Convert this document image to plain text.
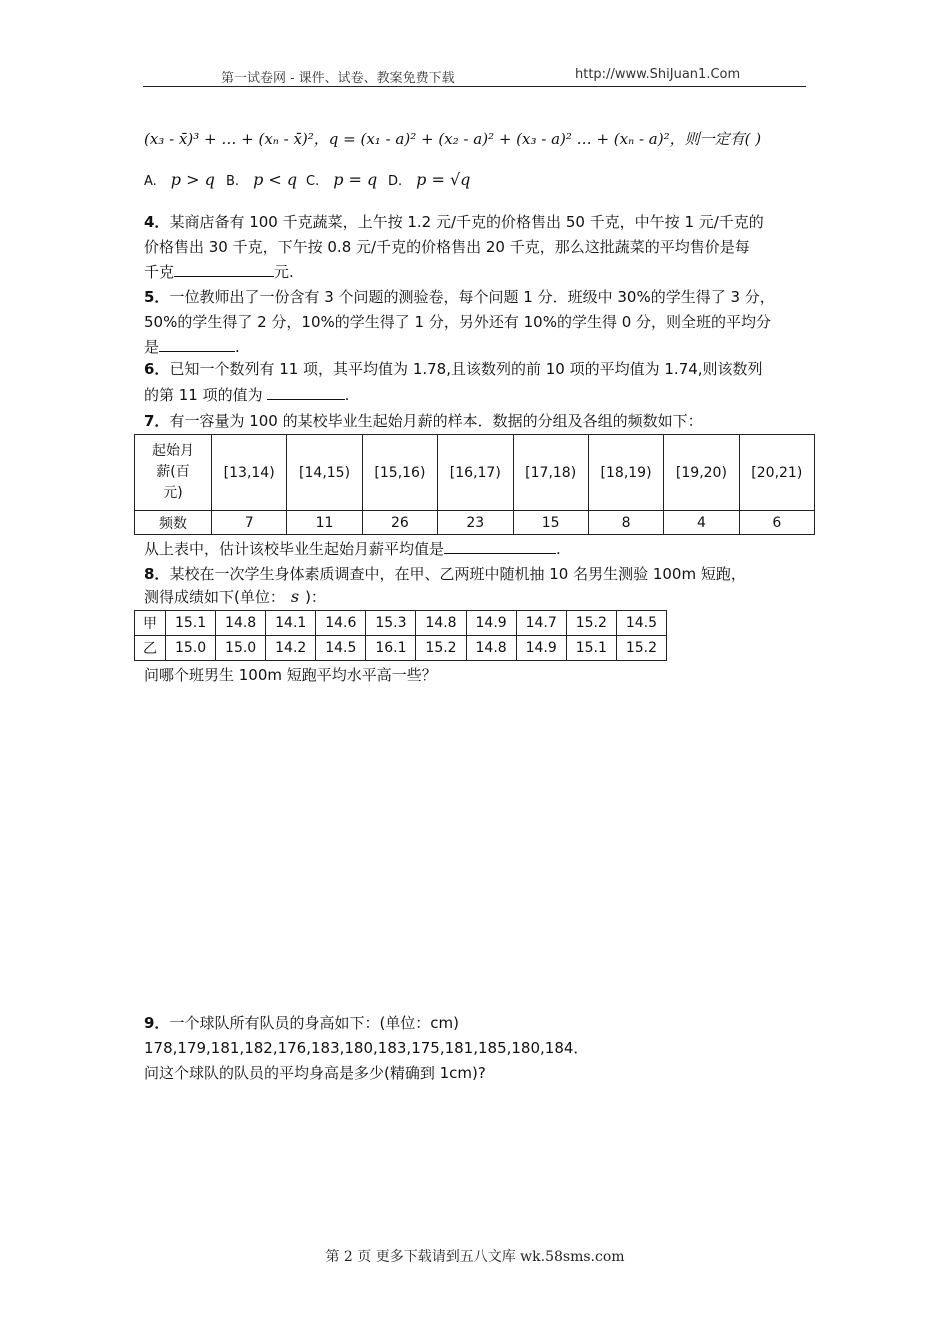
第一试卷网 - 课件、试卷、教案免费下载	http://www.ShiJuan1.Com
(x₃ - x̄)³ + … + (xₙ - x̄)²，q = (x₁ - a)² + (x₂ - a)² + (x₃ - a)² … + (xₙ - a)²，则一定有( )
A. p > q B. p < q C. p = q D. p = √q
4．某商店备有 100 千克蔬菜，上午按 1.2 元/千克的价格售出 50 千克，中午按 1 元/千克的
价格售出 30 千克，下午按 0.8 元/千克的价格售出 20 千克，那么这批蔬菜的平均售价是每
千克	元.
5．一位教师出了一份含有 3 个问题的测验卷，每个问题 1 分．班级中 30%的学生得了 3 分，
50%的学生得了 2 分，10%的学生得了 1 分，另外还有 10%的学生得 0 分，则全班的平均分
是	.
6．已知一个数列有 11 项，其平均值为 1.78,且该数列的前 10 项的平均值为 1.74,则该数列
的第 11 项的值为	.
7．有一容量为 100 的某校毕业生起始月薪的样本．数据的分组及各组的频数如下：
起始月
薪(百
元)	[13,14)	[14,15)	[15,16)	[16,17)	[17,18)	[18,19)	[19,20)	[20,21)
频数	7	11	26	23	15	8	4	6
从上表中，估计该校毕业生起始月薪平均值是	.
8．某校在一次学生身体素质调查中，在甲、乙两班中随机抽 10 名男生测验 100m 短跑，
测得成绩如下(单位： s )：
甲	15.1	14.8	14.1	14.6	15.3	14.8	14.9	14.7	15.2	14.5
乙	15.0	15.0	14.2	14.5	16.1	15.2	14.8	14.9	15.1	15.2
问哪个班男生 100m 短跑平均水平高一些？
9．一个球队所有队员的身高如下：(单位：cm)
178,179,181,182,176,183,180,183,175,181,185,180,184．
问这个球队的队员的平均身高是多少(精确到 1cm)?
第 2 页 更多下载请到五八文库 wk.58sms.com
